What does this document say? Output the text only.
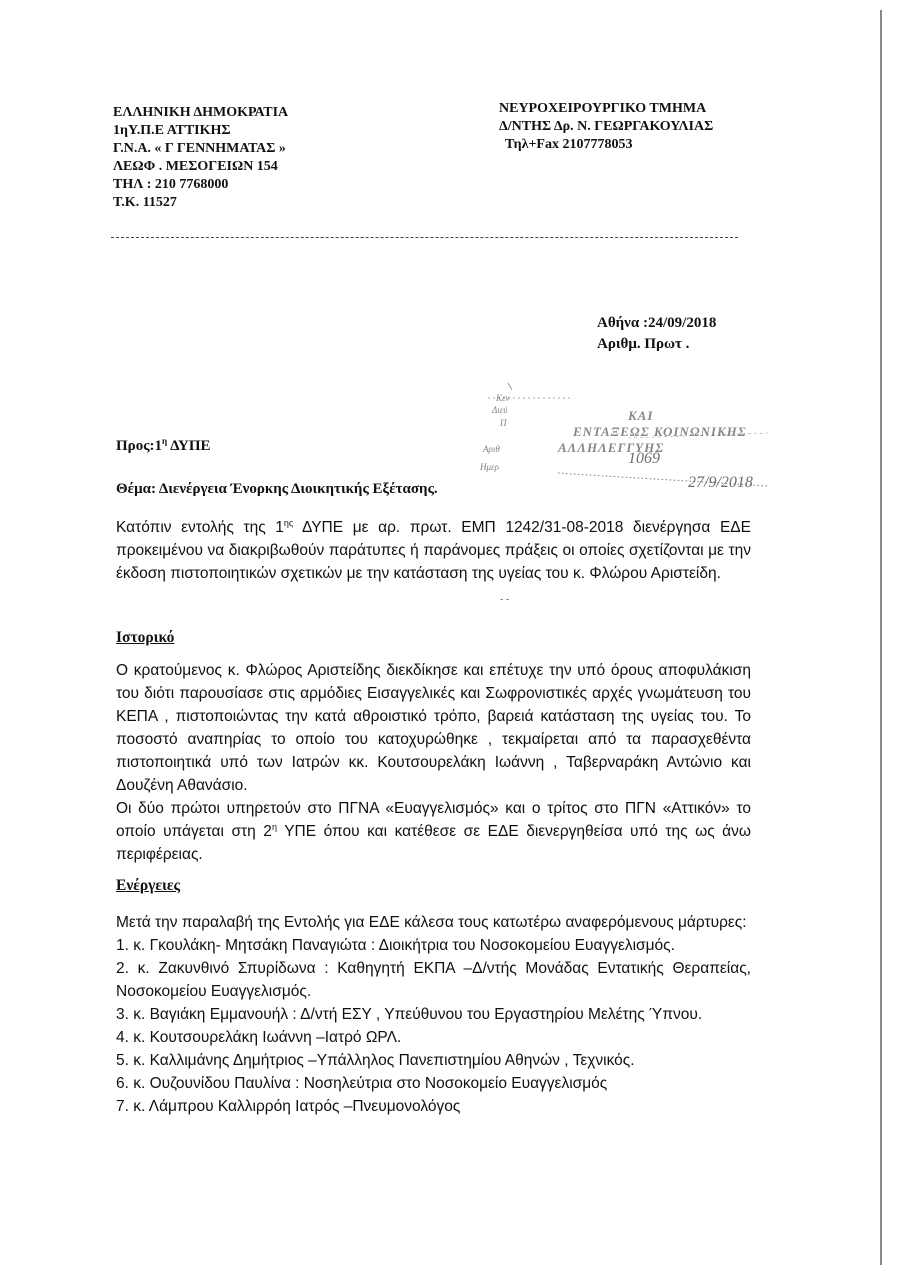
ΕΛΛΗΝΙΚΗ ΔΗΜΟΚΡΑΤΙΑ
1ηΥ.Π.Ε ΑΤΤΙΚΗΣ
Γ.Ν.Α. « Γ ΓΕΝΝΗΜΑΤΑΣ »
ΛΕΩΦ . ΜΕΣΟΓΕΙΩΝ 154
ΤΗΛ : 210 7768000
Τ.Κ. 11527
ΝΕΥΡΟΧΕΙΡΟΥΡΓΙΚΟ ΤΜΗΜΑ
Δ/ΝΤΗΣ Δρ. Ν. ΓΕΩΡΓΑΚΟΥΛΙΑΣ
Τηλ+Fax 2107778053
Αθήνα :24/09/2018
Αριθμ. Πρωτ .
Κεν
Διεύ
Π
Αριθ
Ημερ
ΚΑΙ
ΕΝΤΑΞΕΩΣ ΚΟΙΝΩΝΙΚΗΣ
ΑΛΛΗΛΕΓΓΥΗΣ
1069
27/9/2018
$\Pi\rho o\varsigma:1^\eta$ ΔΥΠΕ
Θέμα: Διενέργεια Ένορκης Διοικητικής Εξέτασης.
Κατόπιν εντολής της $1^{\eta\varsigma}$ ΔΥΠΕ με αρ. πρωτ. ΕΜΠ 1242/31-08-2018 διενέργησα ΕΔΕ προκειμένου να διακριβωθούν παράτυπες ή παράνομες πράξεις οι οποίες σχετίζονται με την έκδοση πιστοποιητικών σχετικών με την κατάσταση της υγείας του κ. Φλώρου Αριστείδη.
- -
Ιστορικό
Ο κρατούμενος κ. Φλώρος Αριστείδης διεκδίκησε και επέτυχε την υπό όρους αποφυλάκιση του διότι παρουσίασε στις αρμόδιες Εισαγγελικές και Σωφρονιστικές αρχές γνωμάτευση του ΚΕΠΑ , πιστοποιώντας την κατά αθροιστικό τρόπο, βαρειά κατάσταση της υγείας του. Το ποσοστό αναπηρίας το οποίο του κατοχυρώθηκε , τεκμαίρεται από τα παρασχεθέντα πιστοποιητικά υπό των Ιατρών κκ. Κουτσουρελάκη Ιωάννη , Ταβερναράκη Αντώνιο και Δουζένη Αθανάσιο.
Οι δύο πρώτοι υπηρετούν στο ΠΓΝΑ «Ευαγγελισμός» και ο τρίτος στο ΠΓΝ «Αττικόν» το οποίο υπάγεται στη $2^\eta$ ΥΠΕ όπου και κατέθεσε σε ΕΔΕ διενεργηθείσα υπό της ως άνω περιφέρειας.
Ενέργειες
Μετά την παραλαβή της Εντολής για ΕΔΕ κάλεσα τους κατωτέρω αναφερόμενους μάρτυρες:
1. κ. Γκουλάκη- Μητσάκη Παναγιώτα : Διοικήτρια του Νοσοκομείου Ευαγγελισμός.
2. κ. Ζακυνθινό Σπυρίδωνα : Καθηγητή ΕΚΠΑ –Δ/ντής Μονάδας Εντατικής Θεραπείας, Νοσοκομείου Ευαγγελισμός.
3. κ. Βαγιάκη Εμμανουήλ : Δ/ντή ΕΣΥ , Υπεύθυνου του Εργαστηρίου Μελέτης Ύπνου.
4. κ. Κουτσουρελάκη Ιωάννη –Ιατρό ΩΡΛ.
5. κ. Καλλιμάνης Δημήτριος –Υπάλληλος Πανεπιστημίου Αθηνών , Τεχνικός.
6. κ. Ουζουνίδου Παυλίνα : Νοσηλεύτρια στο Νοσοκομείο Ευαγγελισμός
7. κ. Λάμπρου Καλλιρρόη Ιατρός –Πνευμονολόγος
